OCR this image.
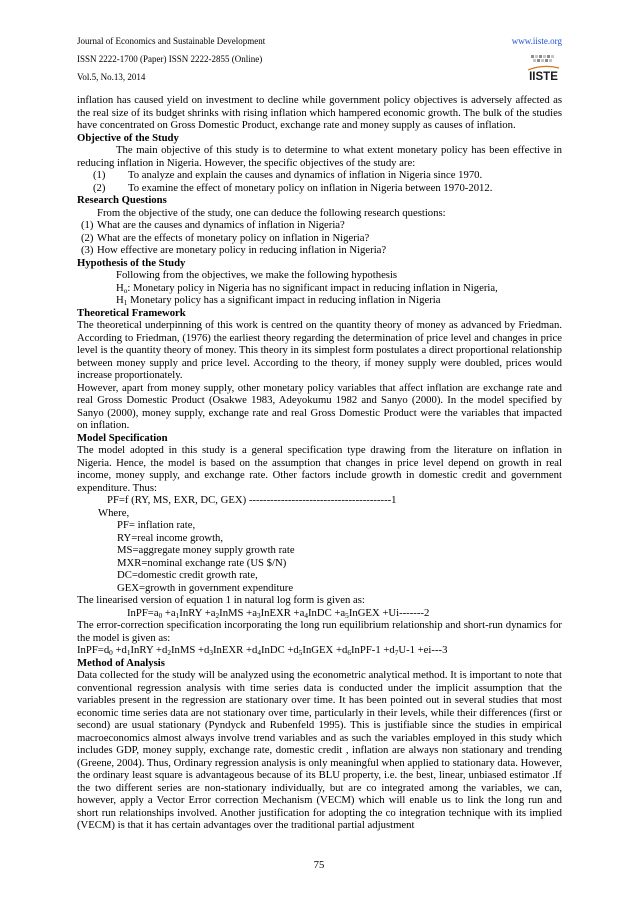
Journal of Economics and Sustainable Development	www.iiste.org
ISSN 2222-1700 (Paper) ISSN 2222-2855 (Online)
Vol.5, No.13, 2014	IISTE

inflation has caused yield on investment to decline while government policy objectives is adversely affected as the real size of its budget shrinks with rising inflation which hampered economic growth. The bulk of the studies have concentrated on Gross Domestic Product, exchange rate and money supply as causes of inflation.

Objective of the Study

The main objective of this study is to determine to what extent monetary policy has been effective in reducing inflation in Nigeria. However, the specific objectives of the study are:

(1) To analyze and explain the causes and dynamics of inflation in Nigeria since 1970.
(2) To examine the effect of monetary policy on inflation in Nigeria between 1970-2012.

Research Questions

From the objective of the study, one can deduce the following research questions:

(1) What are the causes and dynamics of inflation in Nigeria?
(2) What are the effects of monetary policy on inflation in Nigeria?
(3) How effective are monetary policy in reducing inflation in Nigeria?

Hypothesis of the Study

Following from the objectives, we make the following hypothesis

$H_o$: Monetary policy in Nigeria has no significant impact in reducing inflation in Nigeria,

$H_1$ Monetary policy has a significant impact in reducing inflation in Nigeria

Theoretical Framework

The theoretical underpinning of this work is centred on the quantity theory of money as advanced by Friedman. According to Friedman, (1976) the earliest theory regarding the determination of price level and changes in price level is the quantity theory of money. This theory in its simplest form postulates a direct proportional relationship between money supply and price level. According to the theory, if money supply were doubled, prices would increase proportionately.

However, apart from money supply, other monetary policy variables that affect inflation are exchange rate and real Gross Domestic Product (Osakwe 1983, Adeyokumu 1982 and Sanyo (2000). In the model specified by Sanyo (2000), money supply, exchange rate and real Gross Domestic Product were the variables that impacted on inflation.

Model Specification

The model adopted in this study is a general specification type drawing from the literature on inflation in Nigeria. Hence, the model is based on the assumption that changes in price level depend on growth in real income, money supply, and exchange rate. Other factors include growth in domestic credit and government expenditure. Thus:

PF=f (RY, MS, EXR, DC, GEX) ----------------------------------------1

Where,

PF= inflation rate,

RY=real income growth,

MS=aggregate money supply growth rate

MXR=nominal exchange rate (US $/N)

DC=domestic credit growth rate,

GEX=growth in government expenditure

The linearised version of equation 1 in natural log form is given as:

$InPF=a_0$ $+a_1InRY$ $+a_2InMS$ $+a_3InEXR$ $+a_4InDC$ $+a_5InGEX +Ui-------2$

The error-correction specification incorporating the long run equilibrium relationship and short-run dynamics for the model is given as:

$InPF=d_0$ $+d_1InRY$ $+d_2InMS$ $+d_3InEXR$ $+d_4InDC$ $+d_5InGEX$ $+d_6InPF-1 +d_7U-1 +ei---3$

Method of Analysis

Data collected for the study will be analyzed using the econometric analytical method. It is important to note that conventional regression analysis with time series data is conducted under the implicit assumption that the variables present in the regression are stationary over time. It has been pointed out in several studies that most economic time series data are not stationary over time, particularly in their levels, while their differences (first or second) are usual stationary (Pyndyck and Rubenfeld 1995). This is justifiable since the studies in empirical macroeconomics almost always involve trend variables and as such the variables employed in this study which includes GDP, money supply, exchange rate, domestic credit , inflation are always non stationary and trending (Greene, 2004). Thus, Ordinary regression analysis is only meaningful when applied to stationary data. However, the ordinary least square is advantageous because of its BLU property, i.e. the best, linear, unbiased estimator .If the two different series are non-stationary individually, but are co integrated among the variables, we can, however, apply a Vector Error correction Mechanism (VECM) which will enable us to link the long run and short run relationships involved. Another justification for adopting the co integration technique with its implied (VECM) is that it has certain advantages over the traditional partial adjustment

75
